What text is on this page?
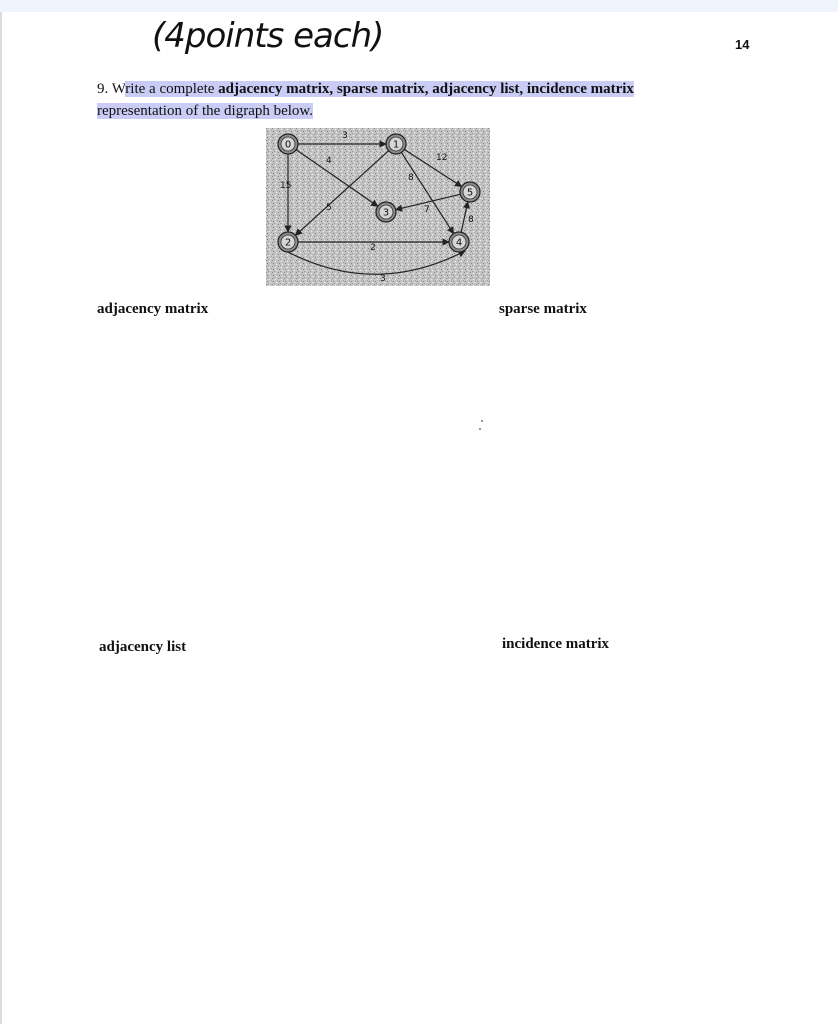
14
(4points each)
9. Write a complete adjacency matrix, sparse matrix, adjacency list, incidence matrix
representation of the digraph below.
3
4
15
5
12
8
7
8
2
3
0	1
2
3
4
5
adjacency matrix	sparse matrix
adjacency list	incidence matrix
